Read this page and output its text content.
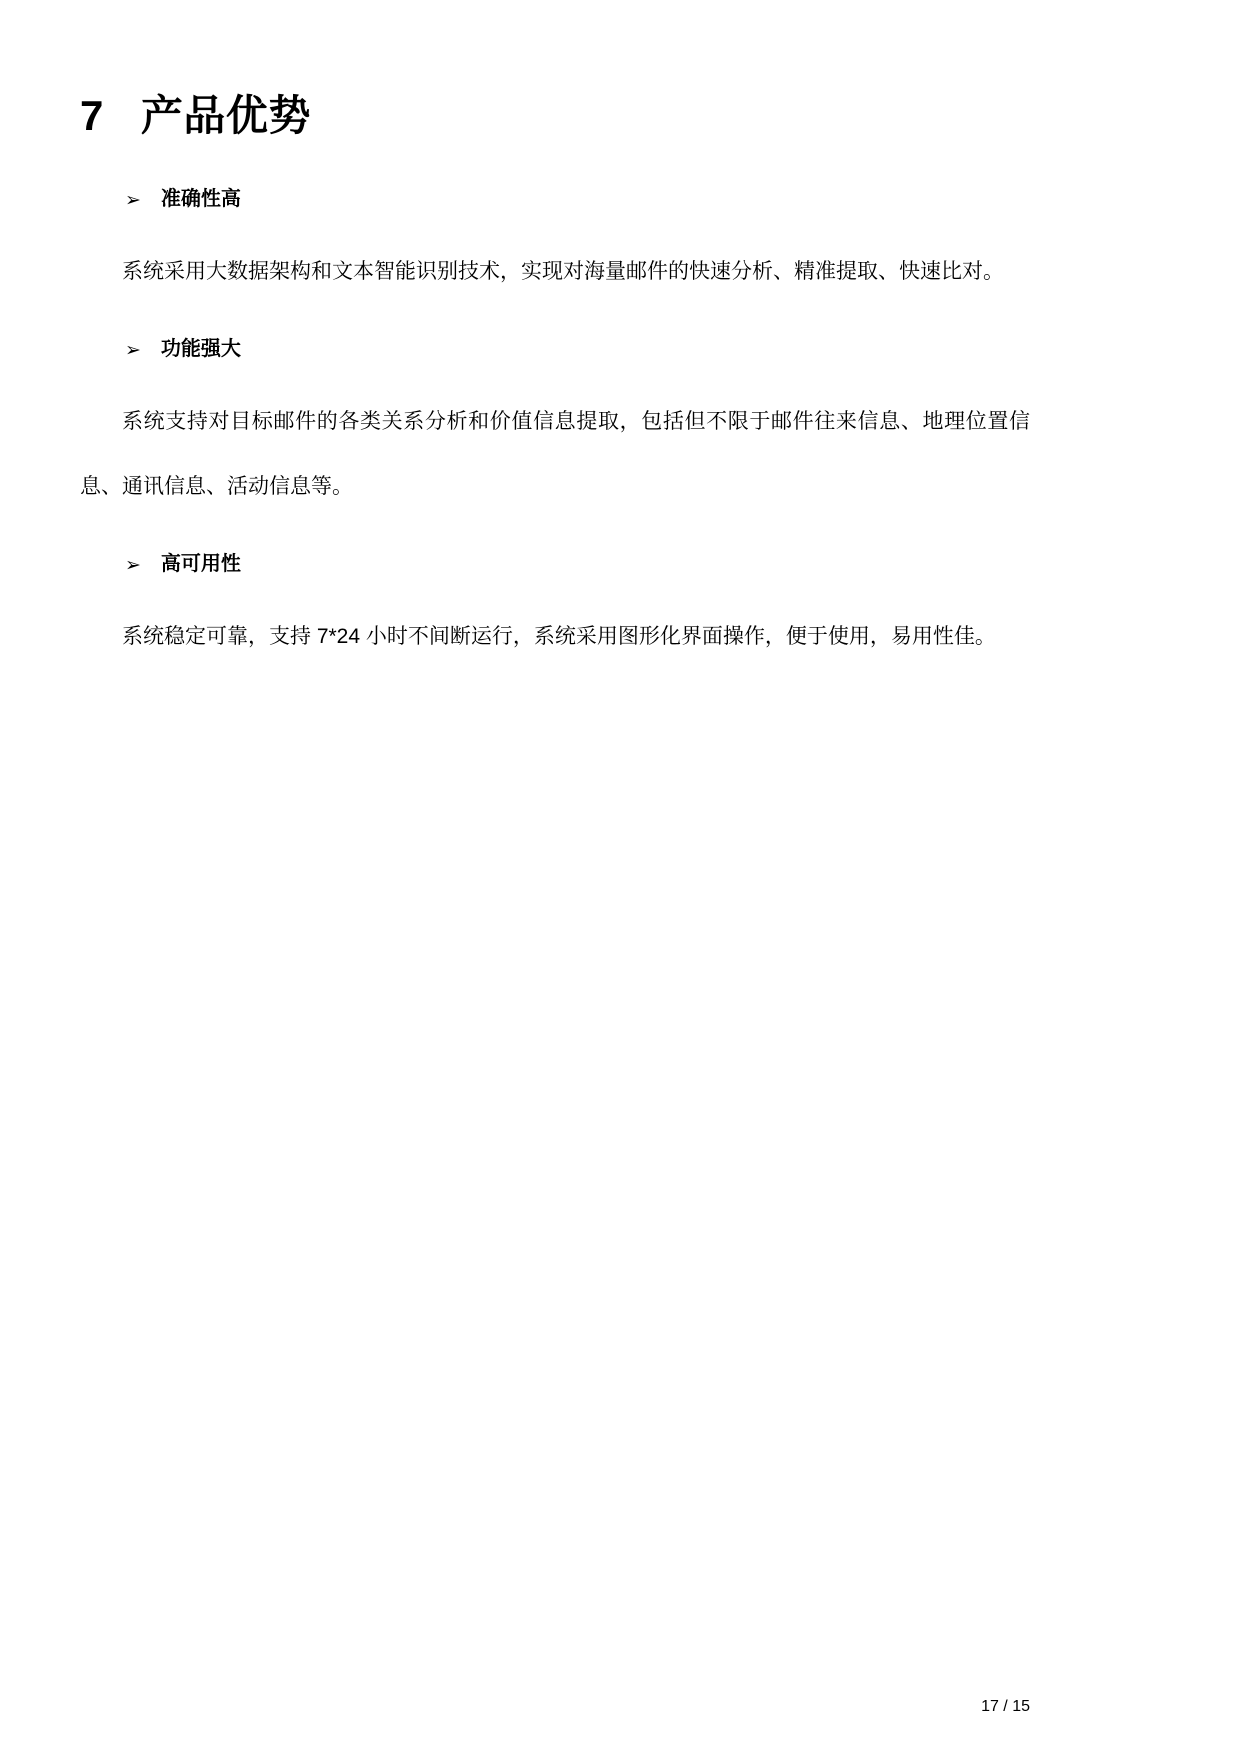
7 产品优势
➢ 准确性高

系统采用大数据架构和文本智能识别技术，实现对海量邮件的快速分析、精准提取、快速比对。

➢ 功能强大

系统支持对目标邮件的各类关系分析和价值信息提取，包括但不限于邮件往来信息、地理位置信息、通讯信息、活动信息等。

➢ 高可用性

系统稳定可靠，支持 7*24 小时不间断运行，系统采用图形化界面操作，便于使用，易用性佳。

17 / 15
